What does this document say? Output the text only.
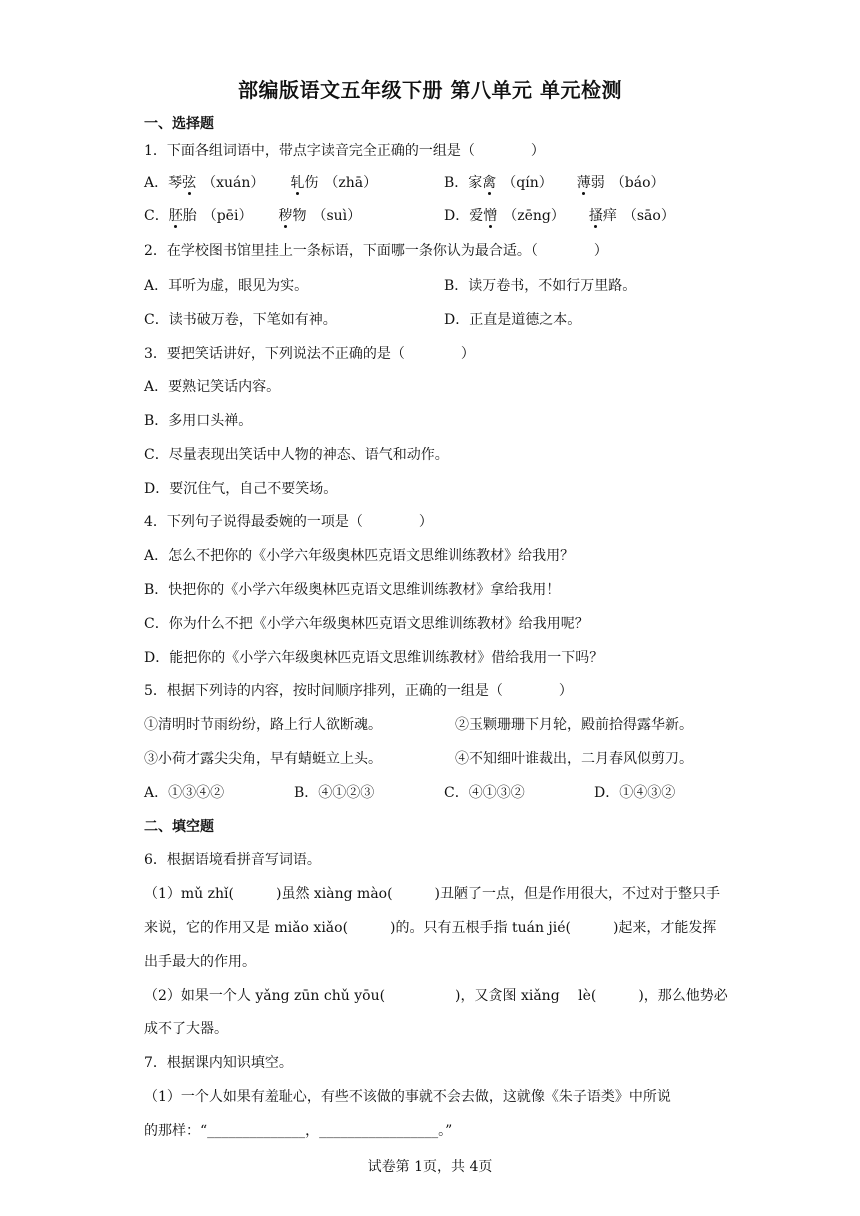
部编版语文五年级下册 第八单元 单元检测
一、选择题
1．下面各组词语中，带点字读音完全正确的一组是（　　　　）
A．琴弦 （xuán） 轧伤 （zhā）	B．家禽 （qín） 薄弱 （báo）
C．胚胎 （pēi） 秽物 （suì）	D．爱憎 （zēng） 搔痒 （sāo）
2．在学校图书馆里挂上一条标语，下面哪一条你认为最合适。（　　　　）
A．耳听为虚，眼见为实。	B．读万卷书，不如行万里路。
C．读书破万卷，下笔如有神。	D．正直是道德之本。
3．要把笑话讲好，下列说法不正确的是（　　　　）
A．要熟记笑话内容。
B．多用口头禅。
C．尽量表现出笑话中人物的神态、语气和动作。
D．要沉住气，自己不要笑场。
4．下列句子说得最委婉的一项是（　　　　）
A．怎么不把你的《小学六年级奥林匹克语文思维训练教材》给我用？
B．快把你的《小学六年级奥林匹克语文思维训练教材》拿给我用！
C．你为什么不把《小学六年级奥林匹克语文思维训练教材》给我用呢？
D．能把你的《小学六年级奥林匹克语文思维训练教材》借给我用一下吗？
5．根据下列诗的内容，按时间顺序排列，正确的一组是（　　　　）
①清明时节雨纷纷，路上行人欲断魂。	②玉颗珊珊下月轮，殿前拾得露华新。
③小荷才露尖尖角，早有蜻蜓立上头。	④不知细叶谁裁出，二月春风似剪刀。
A．①③④②	B．④①②③	C．④①③②	D．①④③②
二、填空题
6．根据语境看拼音写词语。
（1）mǔ zhǐ(　　　)虽然 xiàng mào(　　　)丑陋了一点，但是作用很大，不过对于整只手
来说，它的作用又是 miǎo xiǎo(　　　)的。只有五根手指 tuán jié(　　　)起来，才能发挥
出手最大的作用。
（2）如果一个人 yǎng zūn chǔ yōu(　　　　　)，又贪图 xiǎng　 lè(　　　)，那么他势必
成不了大器。
7．根据课内知识填空。
（1）一个人如果有羞耻心，有些不该做的事就不会去做，这就像《朱子语类》中所说
的那样：“______________，_________________。”
试卷第 1页，共 4页
